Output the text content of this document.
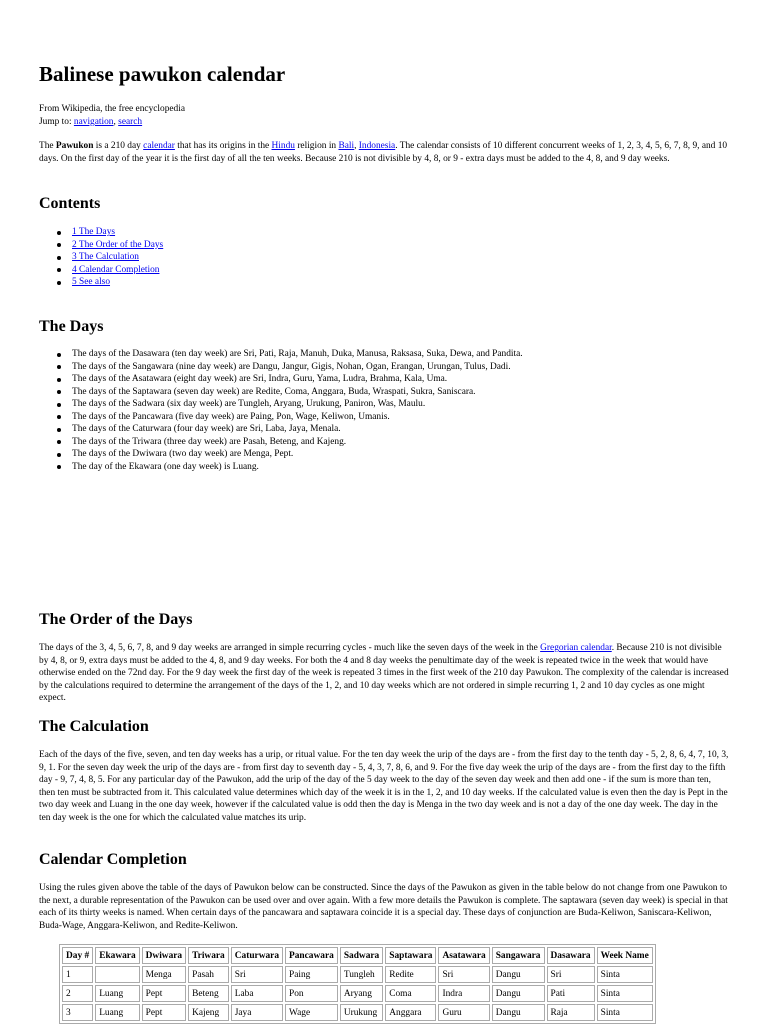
Balinese pawukon calendar

From Wikipedia, the free encyclopedia

Jump to: navigation, search

The Pawukon is a 210 day calendar that has its origins in the Hindu religion in Bali, Indonesia. The calendar consists of 10 different concurrent weeks of 1, 2, 3, 4, 5, 6, 7, 8, 9, and 10 days. On the first day of the year it is the first day of all the ten weeks. Because 210 is not divisible by 4, 8, or 9 - extra days must be added to the 4, 8, and 9 day weeks.

Contents
1 The Days
2 The Order of the Days
3 The Calculation
4 Calendar Completion
5 See also
The Days
The days of the Dasawara (ten day week) are Sri, Pati, Raja, Manuh, Duka, Manusa, Raksasa, Suka, Dewa, and Pandita.
The days of the Sangawara (nine day week) are Dangu, Jangur, Gigis, Nohan, Ogan, Erangan, Urungan, Tulus, Dadi.
The days of the Asatawara (eight day week) are Sri, Indra, Guru, Yama, Ludra, Brahma, Kala, Uma.
The days of the Saptawara (seven day week) are Redite, Coma, Anggara, Buda, Wraspati, Sukra, Saniscara.
The days of the Sadwara (six day week) are Tungleh, Aryang, Urukung, Paniron, Was, Maulu.
The days of the Pancawara (five day week) are Paing, Pon, Wage, Keliwon, Umanis.
The days of the Caturwara (four day week) are Sri, Laba, Jaya, Menala.
The days of the Triwara (three day week) are Pasah, Beteng, and Kajeng.
The days of the Dwiwara (two day week) are Menga, Pept.
The day of the Ekawara (one day week) is Luang.
The Order of the Days

The days of the 3, 4, 5, 6, 7, 8, and 9 day weeks are arranged in simple recurring cycles - much like the seven days of the week in the Gregorian calendar. Because 210 is not divisible by 4, 8, or 9, extra days must be added to the 4, 8, and 9 day weeks. For both the 4 and 8 day weeks the penultimate day of the week is repeated twice in the week that would have otherwise ended on the 72nd day. For the 9 day week the first day of the week is repeated 3 times in the first week of the 210 day Pawukon. The complexity of the calendar is increased by the calculations required to determine the arrangement of the days of the 1, 2, and 10 day weeks which are not ordered in simple recurring 1, 2 and 10 day cycles as one might expect.

The Calculation

Each of the days of the five, seven, and ten day weeks has a urip, or ritual value. For the ten day week the urip of the days are - from the first day to the tenth day - 5, 2, 8, 6, 4, 7, 10, 3, 9, 1. For the seven day week the urip of the days are - from first day to seventh day - 5, 4, 3, 7, 8, 6, and 9. For the five day week the urip of the days are - from the first day to the fifth day - 9, 7, 4, 8, 5. For any particular day of the Pawukon, add the urip of the day of the 5 day week to the day of the seven day week and then add one - if the sum is more than ten, then ten must be subtracted from it. This calculated value determines which day of the week it is in the 1, 2, and 10 day weeks. If the calculated value is even then the day is Pept in the two day week and Luang in the one day week, however if the calculated value is odd then the day is Menga in the two day week and is not a day of the one day week. The day in the ten day week is the one for which the calculated value matches its urip.

Calendar Completion

Using the rules given above the table of the days of Pawukon below can be constructed. Since the days of the Pawukon as given in the table below do not change from one Pawukon to the next, a durable representation of the Pawukon can be used over and over again. With a few more details the Pawukon is complete. The saptawara (seven day week) is special in that each of its thirty weeks is named. When certain days of the pancawara and saptawara coincide it is a special day. These days of conjunction are Buda-Keliwon, Saniscara-Keliwon, Buda-Wage, Anggara-Keliwon, and Redite-Keliwon.

Day #	Ekawara	Dwiwara	Triwara	Caturwara	Pancawara	Sadwara	Saptawara	Asatawara	Sangawara	Dasawara	Week Name
1		Menga	Pasah	Sri	Paing	Tungleh	Redite	Sri	Dangu	Sri	Sinta
2	Luang	Pept	Beteng	Laba	Pon	Aryang	Coma	Indra	Dangu	Pati	Sinta
3	Luang	Pept	Kajeng	Jaya	Wage	Urukung	Anggara	Guru	Dangu	Raja	Sinta
